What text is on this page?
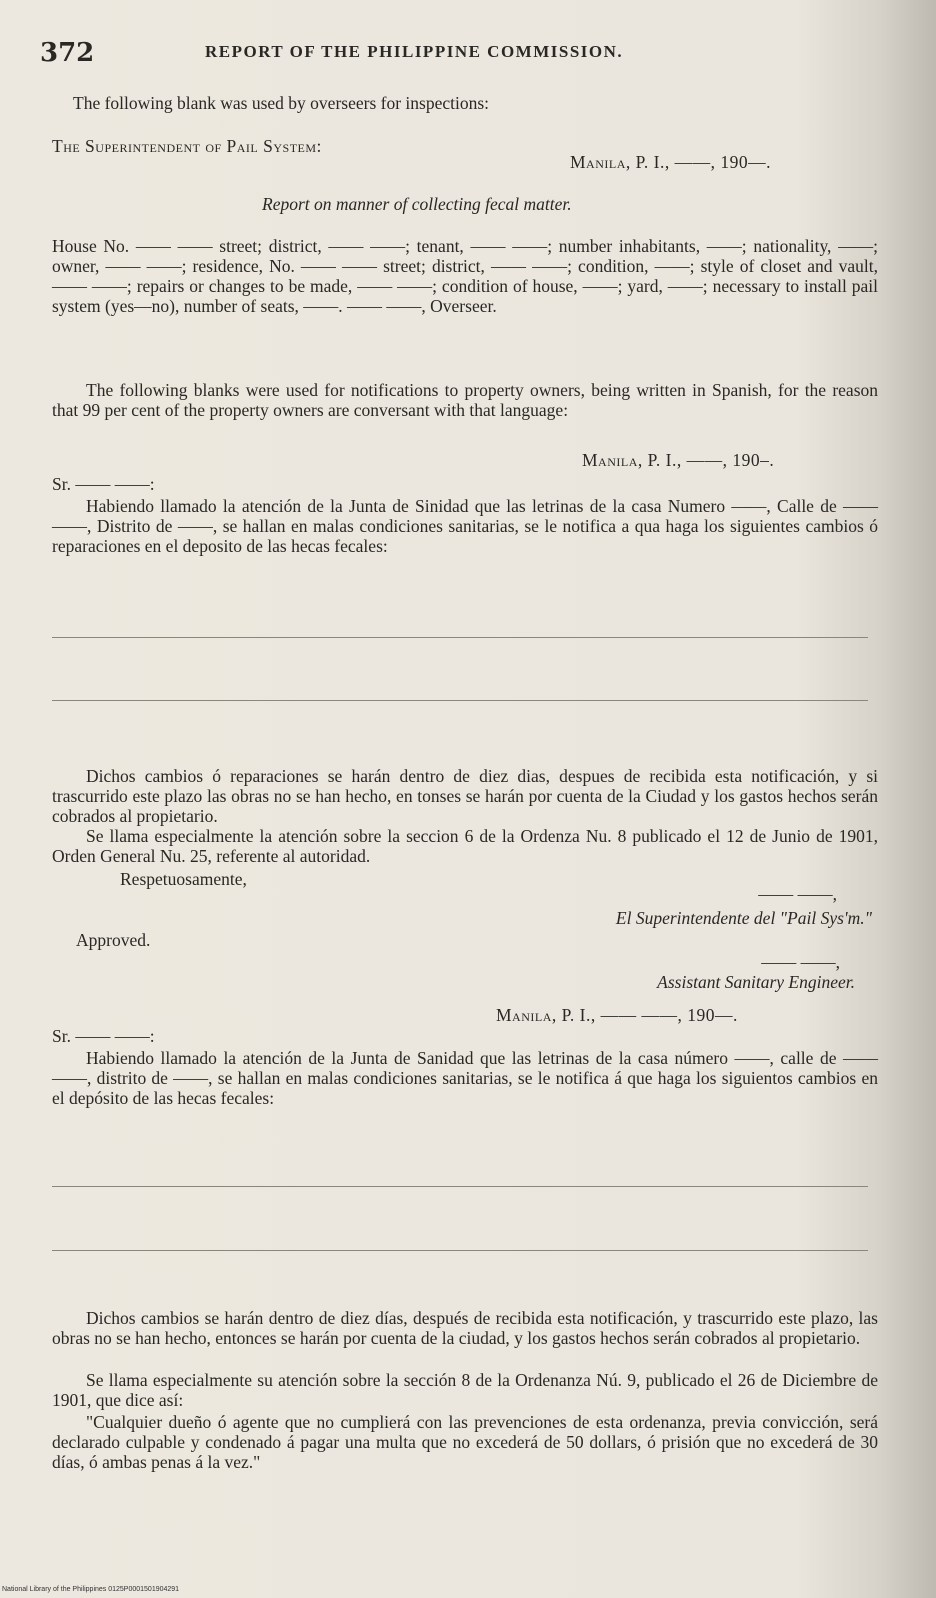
372	REPORT OF THE PHILIPPINE COMMISSION.
The following blank was used by overseers for inspections:
The Superintendent of Pail System:
Manila, P. I., ——, 190—.
Report on manner of collecting fecal matter.
House No. —— —— street; district, —— ——; tenant, —— ——; number inhabitants, ——; nationality, ——; owner, —— ——; residence, No. —— —— street; district, —— ——; condition, ——; style of closet and vault, —— ——; repairs or changes to be made, —— ——; condition of house, ——; yard, ——; necessary to install pail system (yes—no), number of seats, ——. —— ——, Overseer.
The following blanks were used for notifications to property owners, being written in Spanish, for the reason that 99 per cent of the property owners are conversant with that language:
Manila, P. I., ——, 190–.
Sr. —— ——:
Habiendo llamado la atención de la Junta de Sinidad que las letrinas de la casa Numero ——, Calle de —— ——, Distrito de ——, se hallan en malas condiciones sanitarias, se le notifica a qua haga los siguientes cambios ó reparaciones en el deposito de las hecas fecales:
Dichos cambios ó reparaciones se harán dentro de diez dias, despues de recibida esta notificación, y si trascurrido este plazo las obras no se han hecho, en tonses se harán por cuenta de la Ciudad y los gastos hechos serán cobrados al propietario.
Se llama especialmente la atención sobre la seccion 6 de la Ordenza Nu. 8 publicado el 12 de Junio de 1901, Orden General Nu. 25, referente al autoridad.
Respetuosamente,
—— ——,
El Superintendente del "Pail Sys'm."
Approved.
—— ——,
Assistant Sanitary Engineer.
Manila, P. I., —— ——, 190—.
Sr. —— ——:
Habiendo llamado la atención de la Junta de Sanidad que las letrinas de la casa número ——, calle de —— ——, distrito de ——, se hallan en malas condiciones sanitarias, se le notifica á que haga los siguientos cambios en el depósito de las hecas fecales:
Dichos cambios se harán dentro de diez días, después de recibida esta notificación, y trascurrido este plazo, las obras no se han hecho, entonces se harán por cuenta de la ciudad, y los gastos hechos serán cobrados al propietario.
Se llama especialmente su atención sobre la sección 8 de la Ordenanza Nú. 9, publicado el 26 de Diciembre de 1901, que dice así:
"Cualquier dueño ó agente que no cumplierá con las prevenciones de esta ordenanza, previa convicción, será declarado culpable y condenado á pagar una multa que no excederá de 50 dollars, ó prisión que no excederá de 30 días, ó ambas penas á la vez."
National Library of the Philippines 0125P0001501904291
